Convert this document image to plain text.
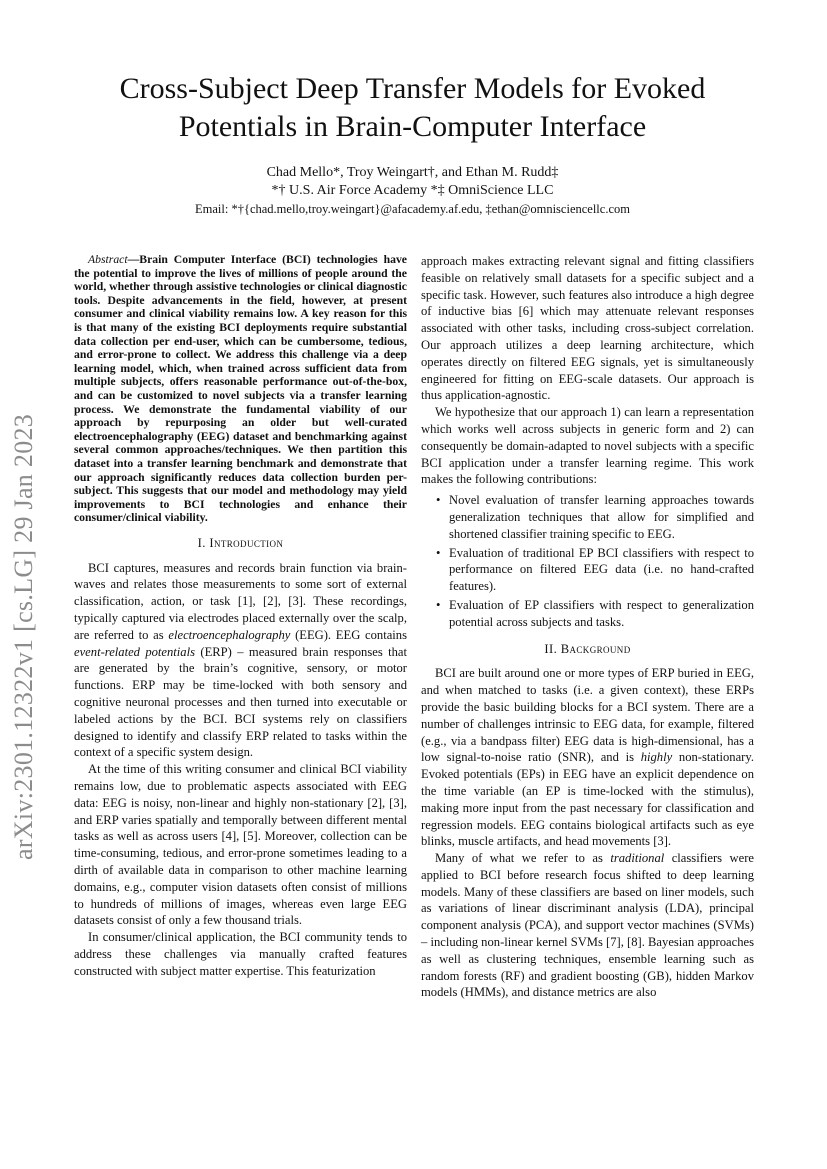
arXiv:2301.12322v1 [cs.LG] 29 Jan 2023
Cross-Subject Deep Transfer Models for Evoked
Potentials in Brain-Computer Interface
Chad Mello*, Troy Weingart†, and Ethan M. Rudd‡
*† U.S. Air Force Academy *‡ OmniScience LLC
Email: *†{chad.mello,troy.weingart}@afacademy.af.edu, ‡ethan@omnisciencellc.com

Abstract—Brain Computer Interface (BCI) technologies have the potential to improve the lives of millions of people around the world, whether through assistive technologies or clinical diagnostic tools. Despite advancements in the field, however, at present consumer and clinical viability remains low. A key reason for this is that many of the existing BCI deployments require substantial data collection per end-user, which can be cumbersome, tedious, and error-prone to collect. We address this challenge via a deep learning model, which, when trained across sufficient data from multiple subjects, offers reasonable performance out-of-the-box, and can be customized to novel subjects via a transfer learning process. We demonstrate the fundamental viability of our approach by repurposing an older but well-curated electroencephalography (EEG) dataset and benchmarking against several common approaches/techniques. We then partition this dataset into a transfer learning benchmark and demonstrate that our approach significantly reduces data collection burden per-subject. This suggests that our model and methodology may yield improvements to BCI technologies and enhance their consumer/clinical viability.

I. Introduction

BCI captures, measures and records brain function via brain-waves and relates those measurements to some sort of external classification, action, or task [1], [2], [3]. These recordings, typically captured via electrodes placed externally over the scalp, are referred to as electroencephalography (EEG). EEG contains event-related potentials (ERP) – measured brain responses that are generated by the brain’s cognitive, sensory, or motor functions. ERP may be time-locked with both sensory and cognitive neuronal processes and then turned into executable or labeled actions by the BCI. BCI systems rely on classifiers designed to identify and classify ERP related to tasks within the context of a specific system design.

At the time of this writing consumer and clinical BCI viability remains low, due to problematic aspects associated with EEG data: EEG is noisy, non-linear and highly non-stationary [2], [3], and ERP varies spatially and temporally between different mental tasks as well as across users [4], [5]. Moreover, collection can be time-consuming, tedious, and error-prone sometimes leading to a dirth of available data in comparison to other machine learning domains, e.g., computer vision datasets often consist of millions to hundreds of millions of images, whereas even large EEG datasets consist of only a few thousand trials.

In consumer/clinical application, the BCI community tends to address these challenges via manually crafted features constructed with subject matter expertise. This featurization

approach makes extracting relevant signal and fitting classifiers feasible on relatively small datasets for a specific subject and a specific task. However, such features also introduce a high degree of inductive bias [6] which may attenuate relevant responses associated with other tasks, including cross-subject correlation. Our approach utilizes a deep learning architecture, which operates directly on filtered EEG signals, yet is simultaneously engineered for fitting on EEG-scale datasets. Our approach is thus application-agnostic.

We hypothesize that our approach 1) can learn a representation which works well across subjects in generic form and 2) can consequently be domain-adapted to novel subjects with a specific BCI application under a transfer learning regime. This work makes the following contributions:

• Novel evaluation of transfer learning approaches towards generalization techniques that allow for simplified and shortened classifier training specific to EEG.
• Evaluation of traditional EP BCI classifiers with respect to performance on filtered EEG data (i.e. no hand-crafted features).
• Evaluation of EP classifiers with respect to generalization potential across subjects and tasks.
II. Background

BCI are built around one or more types of ERP buried in EEG, and when matched to tasks (i.e. a given context), these ERPs provide the basic building blocks for a BCI system. There are a number of challenges intrinsic to EEG data, for example, filtered (e.g., via a bandpass filter) EEG data is high-dimensional, has a low signal-to-noise ratio (SNR), and is highly non-stationary. Evoked potentials (EPs) in EEG have an explicit dependence on the time variable (an EP is time-locked with the stimulus), making more input from the past necessary for classification and regression models. EEG contains biological artifacts such as eye blinks, muscle artifacts, and head movements [3].

Many of what we refer to as traditional classifiers were applied to BCI before research focus shifted to deep learning models. Many of these classifiers are based on liner models, such as variations of linear discriminant analysis (LDA), principal component analysis (PCA), and support vector machines (SVMs) – including non-linear kernel SVMs [7], [8]. Bayesian approaches as well as clustering techniques, ensemble learning such as random forests (RF) and gradient boosting (GB), hidden Markov models (HMMs), and distance metrics are also
